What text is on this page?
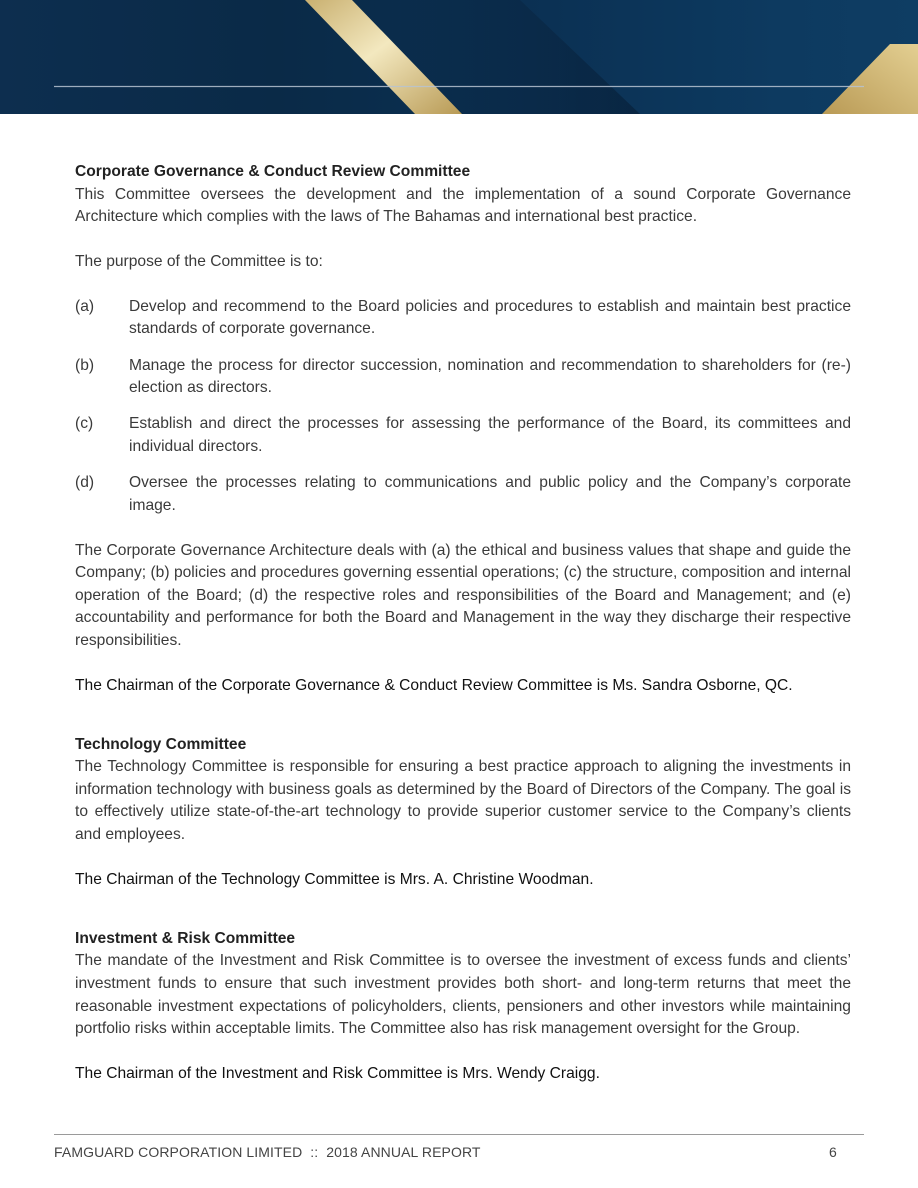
Corporate Governance & Conduct Review Committee

This Committee oversees the development and the implementation of a sound Corporate Governance Architecture which complies with the laws of The Bahamas and international best practice.

The purpose of the Committee is to:

(a) Develop and recommend to the Board policies and procedures to establish and maintain best practice standards of corporate governance.
(b) Manage the process for director succession, nomination and recommendation to shareholders for (re-) election as directors.
(c) Establish and direct the processes for assessing the performance of the Board, its committees and individual directors.
(d) Oversee the processes relating to communications and public policy and the Company’s corporate image.

The Corporate Governance Architecture deals with (a) the ethical and business values that shape and guide the Company; (b) policies and procedures governing essential operations; (c) the structure, composition and internal operation of the Board; (d) the respective roles and responsibilities of the Board and Management; and (e) accountability and performance for both the Board and Management in the way they discharge their respective responsibilities.

The Chairman of the Corporate Governance & Conduct Review Committee is Ms. Sandra Osborne, QC.

Technology Committee

The Technology Committee is responsible for ensuring a best practice approach to aligning the investments in information technology with business goals as determined by the Board of Directors of the Company. The goal is to effectively utilize state-of-the-art technology to provide superior customer service to the Company’s clients and employees.

The Chairman of the Technology Committee is Mrs. A. Christine Woodman.

Investment & Risk Committee

The mandate of the Investment and Risk Committee is to oversee the investment of excess funds and clients’ investment funds to ensure that such investment provides both short- and long-term returns that meet the reasonable investment expectations of policyholders, clients, pensioners and other investors while maintaining portfolio risks within acceptable limits. The Committee also has risk management oversight for the Group.

The Chairman of the Investment and Risk Committee is Mrs. Wendy Craigg.

FAMGUARD CORPORATION LIMITED  ::  2018 ANNUAL REPORT	6
